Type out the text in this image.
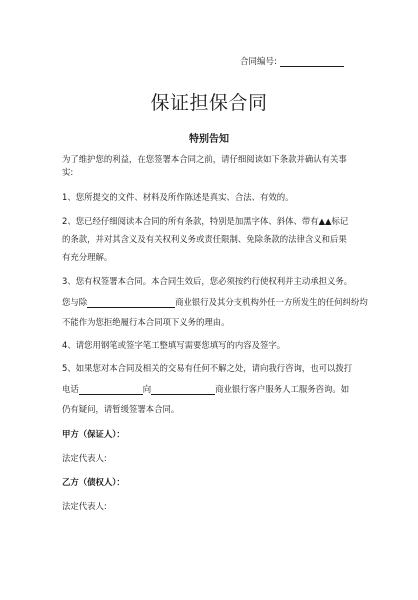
合同编号:
保证担保合同
特别告知
为了维护您的利益，在您签署本合同之前，请仔细阅读如下条款并确认有关事
实:
1、您所提交的文件、材料及所作陈述是真实、合法、有效的。
2、您已经仔细阅读本合同的所有条款，特别是加黑字体、斜体、带有▲▲标记
的条款，并对其含义及有关权利义务或责任限制、免除条款的法律含义和后果
有充分理解。
3、您有权签署本合同。本合同生效后，您必须按约行使权利并主动承担义务。
您与除	商业银行及其分支机构外任一方所发生的任何纠纷均
不能作为您拒绝履行本合同项下义务的理由。
4、请您用钢笔或签字笔工整填写需要您填写的内容及签字。
5、如果您对本合同及相关的交易有任何不解之处，请向我行咨询，也可以拨打
电话	向	商业银行客户服务人工服务咨询。如
仍有疑问，请暂缓签署本合同。
甲方（保证人）：
法定代表人:
乙方（债权人）：
法定代表人:
